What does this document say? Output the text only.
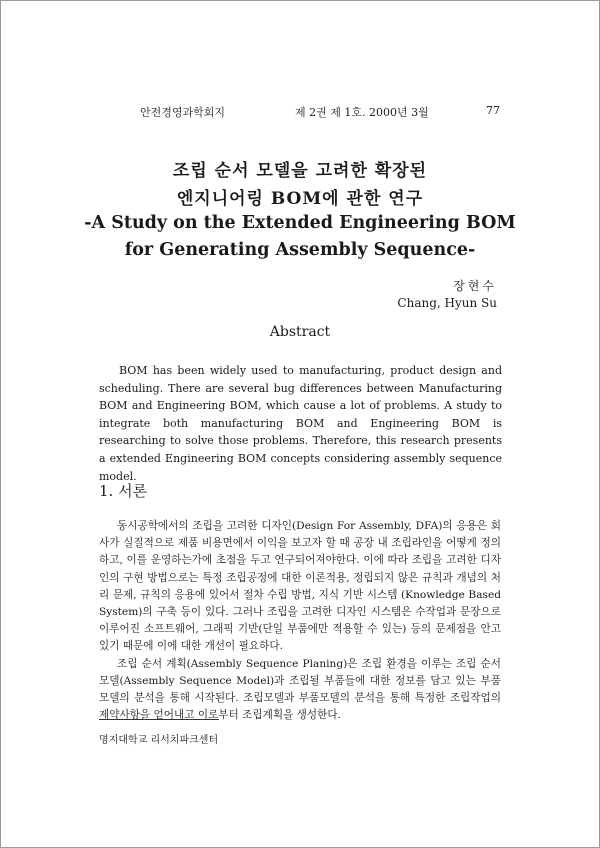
안전경영과학회지	제 2권 제 1호. 2000년 3월	77
조립 순서 모델을 고려한 확장된
엔지니어링 BOM에 관한 연구
-A Study on the Extended Engineering BOM
for Generating Assembly Sequence-
장현수
Chang, Hyun Su
Abstract
BOM has been widely used to manufacturing, product design and scheduling. There are several bug differences between Manufacturing BOM and Engineering BOM, which cause a lot of problems. A study to integrate both manufacturing BOM and Engineering BOM is researching to solve those problems. Therefore, this research presents a extended Engineering BOM concepts considering assembly sequence model.
1. 서론

동시공학에서의 조립을 고려한 디자인(Design For Assembly, DFA)의 응용은 회사가 실질적으로 제품 비용면에서 이익을 보고자 할 때 공장 내 조립라인을 어떻게 정의하고, 이를 운영하는가에 초점을 두고 연구되어져야한다. 이에 따라 조립을 고려한 디자인의 구현 방법으로는 특정 조립공정에 대한 이론적용, 정립되지 않은 규칙과 개념의 처리 문제, 규칙의 응용에 있어서 절차 수립 방법, 지식 기반 시스템 (Knowledge Based System)의 구축 등이 있다. 그러나 조립을 고려한 디자인 시스템은 수작업과 문장으로 이루어진 소프트웨어, 그래픽 기반(단일 부품에만 적용할 수 있는) 등의 문제점을 안고 있기 때문에 이에 대한 개선이 필요하다.

조립 순서 계획(Assembly Sequence Planing)은 조립 환경을 이루는 조립 순서 모델(Assembly Sequence Model)과 조립될 부품들에 대한 정보를 담고 있는 부품 모델의 분석을 통해 시작된다. 조립모델과 부품모델의 분석을 통해 특정한 조립작업의 제약사항을 얻어내고 이로부터 조립계획을 생성한다.

명지대학교 리서치파크센터
